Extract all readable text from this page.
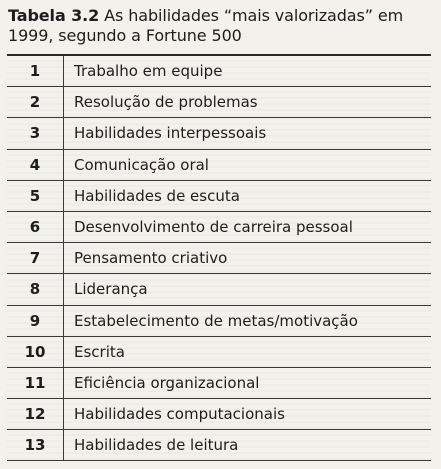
Tabela 3.2 As habilidades “mais valorizadas” em 1999, segundo a Fortune 500
1	Trabalho em equipe
2	Resolução de problemas
3	Habilidades interpessoais
4	Comunicação oral
5	Habilidades de escuta
6	Desenvolvimento de carreira pessoal
7	Pensamento criativo
8	Liderança
9	Estabelecimento de metas/motivação
10	Escrita
11	Eficiência organizacional
12	Habilidades computacionais
13	Habilidades de leitura
